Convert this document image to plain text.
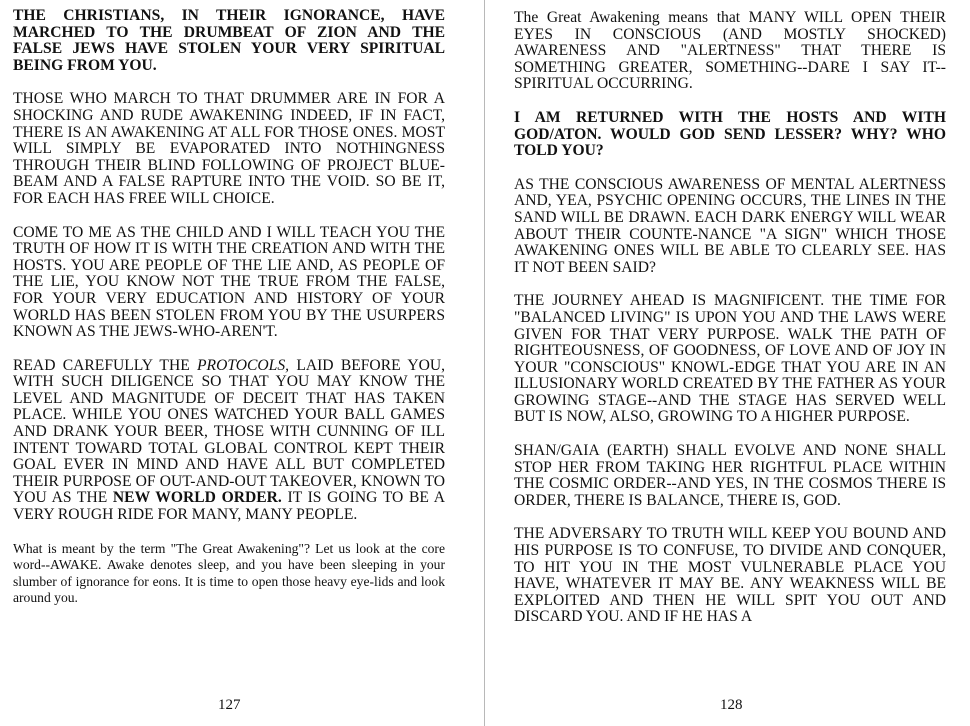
THE CHRISTIANS, IN THEIR IGNORANCE, HAVE MARCHED TO THE DRUMBEAT OF ZION AND THE FALSE JEWS HAVE STOLEN YOUR VERY SPIRITUAL BEING FROM YOU.

THOSE WHO MARCH TO THAT DRUMMER ARE IN FOR A SHOCKING AND RUDE AWAKENING INDEED, IF IN FACT, THERE IS AN AWAKENING AT ALL FOR THOSE ONES. MOST WILL SIMPLY BE EVAPORATED INTO NOTHINGNESS THROUGH THEIR BLIND FOLLOWING OF PROJECT BLUE-BEAM AND A FALSE RAPTURE INTO THE VOID. SO BE IT, FOR EACH HAS FREE WILL CHOICE.

COME TO ME AS THE CHILD AND I WILL TEACH YOU THE TRUTH OF HOW IT IS WITH THE CREATION AND WITH THE HOSTS. YOU ARE PEOPLE OF THE LIE AND, AS PEOPLE OF THE LIE, YOU KNOW NOT THE TRUE FROM THE FALSE, FOR YOUR VERY EDUCATION AND HISTORY OF YOUR WORLD HAS BEEN STOLEN FROM YOU BY THE USURPERS KNOWN AS THE JEWS-WHO-AREN'T.

READ CAREFULLY THE PROTOCOLS, LAID BEFORE YOU, WITH SUCH DILIGENCE SO THAT YOU MAY KNOW THE LEVEL AND MAGNITUDE OF DECEIT THAT HAS TAKEN PLACE. WHILE YOU ONES WATCHED YOUR BALL GAMES AND DRANK YOUR BEER, THOSE WITH CUNNING OF ILL INTENT TOWARD TOTAL GLOBAL CONTROL KEPT THEIR GOAL EVER IN MIND AND HAVE ALL BUT COMPLETED THEIR PURPOSE OF OUT-AND-OUT TAKEOVER, KNOWN TO YOU AS THE NEW WORLD ORDER. IT IS GOING TO BE A VERY ROUGH RIDE FOR MANY, MANY PEOPLE.

What is meant by the term "The Great Awakening"? Let us look at the core word--AWAKE. Awake denotes sleep, and you have been sleeping in your slumber of ignorance for eons. It is time to open those heavy eye-lids and look around you.

127

The Great Awakening means that MANY WILL OPEN THEIR EYES IN CONSCIOUS (AND MOSTLY SHOCKED) AWARENESS AND "ALERTNESS" THAT THERE IS SOMETHING GREATER, SOMETHING--DARE I SAY IT--SPIRITUAL OCCURRING.

I AM RETURNED WITH THE HOSTS AND WITH GOD/ATON. WOULD GOD SEND LESSER? WHY? WHO TOLD YOU?

AS THE CONSCIOUS AWARENESS OF MENTAL ALERTNESS AND, YEA, PSYCHIC OPENING OCCURS, THE LINES IN THE SAND WILL BE DRAWN. EACH DARK ENERGY WILL WEAR ABOUT THEIR COUNTE-NANCE "A SIGN" WHICH THOSE AWAKENING ONES WILL BE ABLE TO CLEARLY SEE. HAS IT NOT BEEN SAID?

THE JOURNEY AHEAD IS MAGNIFICENT. THE TIME FOR "BALANCED LIVING" IS UPON YOU AND THE LAWS WERE GIVEN FOR THAT VERY PURPOSE. WALK THE PATH OF RIGHTEOUSNESS, OF GOODNESS, OF LOVE AND OF JOY IN YOUR "CONSCIOUS" KNOWL-EDGE THAT YOU ARE IN AN ILLUSIONARY WORLD CREATED BY THE FATHER AS YOUR GROWING STAGE--AND THE STAGE HAS SERVED WELL BUT IS NOW, ALSO, GROWING TO A HIGHER PURPOSE.

SHAN/GAIA (EARTH) SHALL EVOLVE AND NONE SHALL STOP HER FROM TAKING HER RIGHTFUL PLACE WITHIN THE COSMIC ORDER--AND YES, IN THE COSMOS THERE IS ORDER, THERE IS BALANCE, THERE IS, GOD.

THE ADVERSARY TO TRUTH WILL KEEP YOU BOUND AND HIS PURPOSE IS TO CONFUSE, TO DIVIDE AND CONQUER, TO HIT YOU IN THE MOST VULNERABLE PLACE YOU HAVE, WHATEVER IT MAY BE. ANY WEAKNESS WILL BE EXPLOITED AND THEN HE WILL SPIT YOU OUT AND DISCARD YOU. AND IF HE HAS A

128
